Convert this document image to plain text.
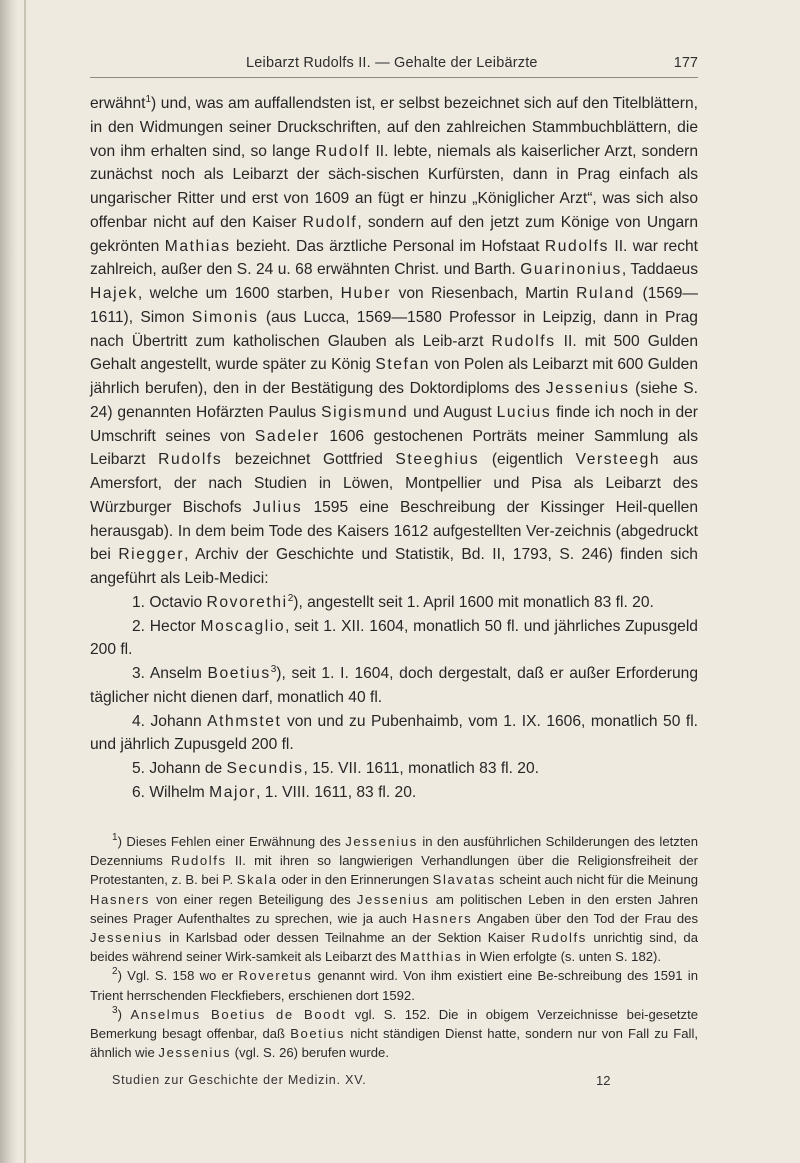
Leibarzt Rudolfs II. — Gehalte der Leibärzte	177

erwähnt$^1$) und, was am auffallendsten ist, er selbst bezeichnet sich auf den Titelblättern, in den Widmungen seiner Druckschriften, auf den zahlreichen Stammbuchblättern, die von ihm erhalten sind, so lange Rudolf II. lebte, niemals als kaiserlicher Arzt, sondern zunächst noch als Leibarzt der säch-sischen Kurfürsten, dann in Prag einfach als ungarischer Ritter und erst von 1609 an fügt er hinzu „Königlicher Arzt“, was sich also offenbar nicht auf den Kaiser Rudolf, sondern auf den jetzt zum Könige von Ungarn gekrönten Mathias bezieht. Das ärztliche Personal im Hofstaat Rudolfs II. war recht zahlreich, außer den S. 24 u. 68 erwähnten Christ. und Barth. Guarinonius, Taddaeus Hajek, welche um 1600 starben, Huber von Riesenbach, Martin Ruland (1569—1611), Simon Simonis (aus Lucca, 1569—1580 Professor in Leipzig, dann in Prag nach Übertritt zum katholischen Glauben als Leib-arzt Rudolfs II. mit 500 Gulden Gehalt angestellt, wurde später zu König Stefan von Polen als Leibarzt mit 600 Gulden jährlich berufen), den in der Bestätigung des Doktordiploms des Jessenius (siehe S. 24) genannten Hofärzten Paulus Sigismund und August Lucius finde ich noch in der Umschrift seines von Sadeler 1606 gestochenen Porträts meiner Sammlung als Leibarzt Rudolfs bezeichnet Gottfried Steeghius (eigentlich Versteegh aus Amersfort, der nach Studien in Löwen, Montpellier und Pisa als Leibarzt des Würzburger Bischofs Julius 1595 eine Beschreibung der Kissinger Heil-quellen herausgab). In dem beim Tode des Kaisers 1612 aufgestellten Ver-zeichnis (abgedruckt bei Riegger, Archiv der Geschichte und Statistik, Bd. II, 1793, S. 246) finden sich angeführt als Leib-Medici:

1. Octavio Rovorethi$^2$), angestellt seit 1. April 1600 mit monatlich 83 fl. 20.

2. Hector Moscaglio, seit 1. XII. 1604, monatlich 50 fl. und jährliches Zupusgeld 200 fl.

3. Anselm Boetius$^3$), seit 1. I. 1604, doch dergestalt, daß er außer Erforderung täglicher nicht dienen darf, monatlich 40 fl.

4. Johann Athmstet von und zu Pubenhaimb, vom 1. IX. 1606, monatlich 50 fl. und jährlich Zupusgeld 200 fl.

5. Johann de Secundis, 15. VII. 1611, monatlich 83 fl. 20.

6. Wilhelm Major, 1. VIII. 1611, 83 fl. 20.

$^1$) Dieses Fehlen einer Erwähnung des Jessenius in den ausführlichen Schilderungen des letzten Dezenniums Rudolfs II. mit ihren so langwierigen Verhandlungen über die Religionsfreiheit der Protestanten, z. B. bei P. Skala oder in den Erinnerungen Slavatas scheint auch nicht für die Meinung Hasners von einer regen Beteiligung des Jessenius am politischen Leben in den ersten Jahren seines Prager Aufenthaltes zu sprechen, wie ja auch Hasners Angaben über den Tod der Frau des Jessenius in Karlsbad oder dessen Teilnahme an der Sektion Kaiser Rudolfs unrichtig sind, da beides während seiner Wirk-samkeit als Leibarzt des Matthias in Wien erfolgte (s. unten S. 182).

$^2$) Vgl. S. 158 wo er Roveretus genannt wird. Von ihm existiert eine Be-schreibung des 1591 in Trient herrschenden Fleckfiebers, erschienen dort 1592.

$^3$) Anselmus Boetius de Boodt vgl. S. 152. Die in obigem Verzeichnisse bei-gesetzte Bemerkung besagt offenbar, daß Boetius nicht ständigen Dienst hatte, sondern nur von Fall zu Fall, ähnlich wie Jessenius (vgl. S. 26) berufen wurde.

Studien zur Geschichte der Medizin. XV.	12
